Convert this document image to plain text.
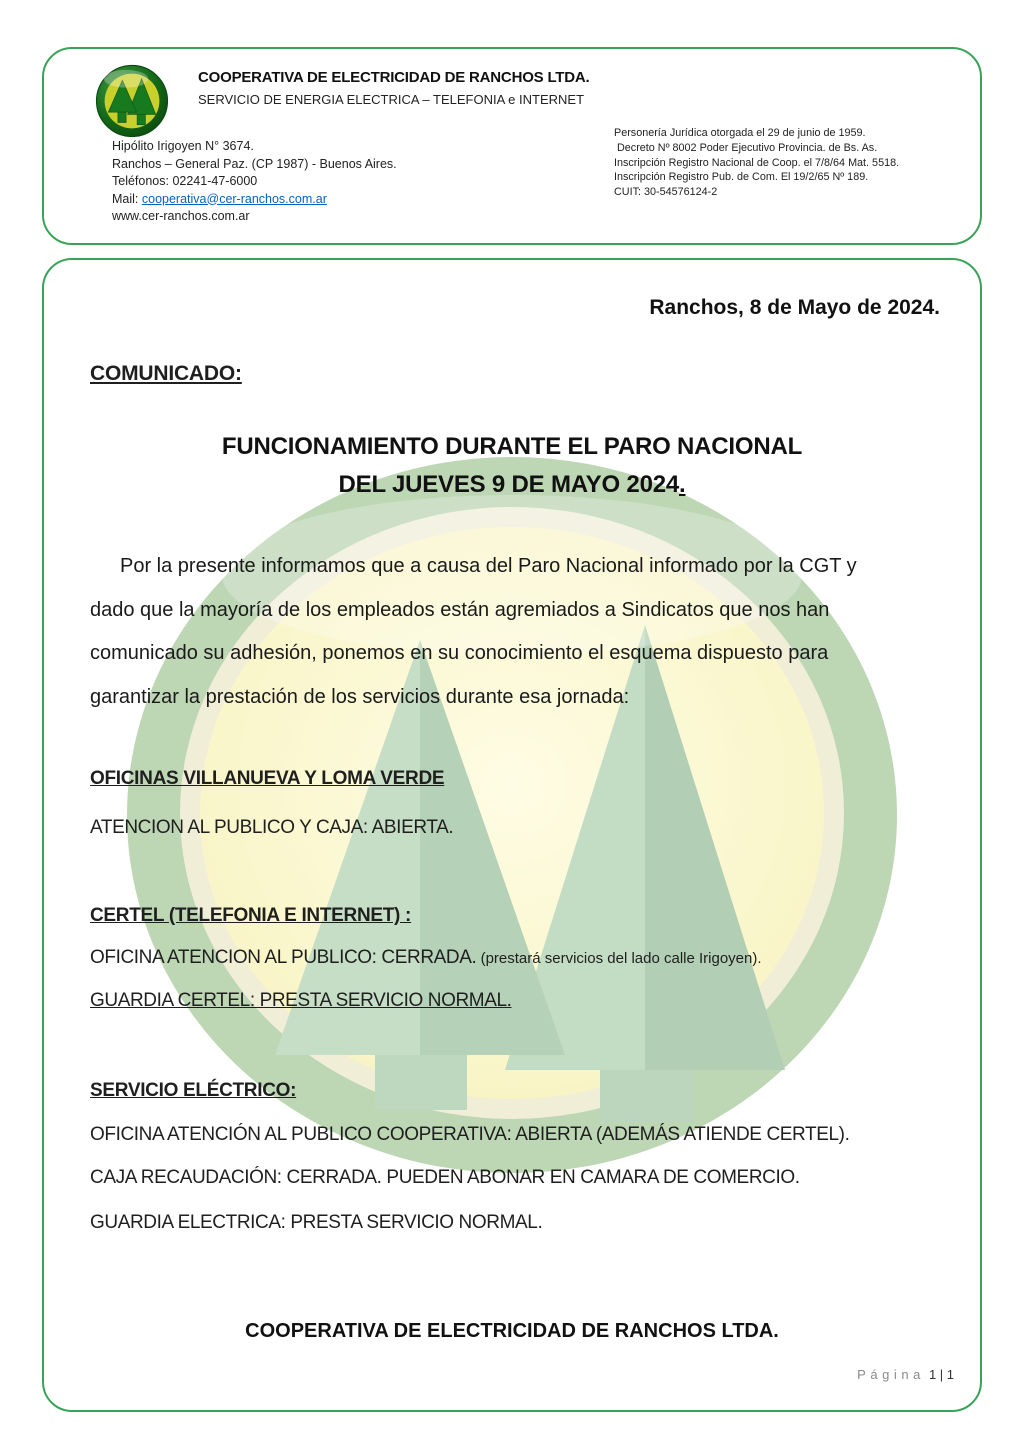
COOPERATIVA DE ELECTRICIDAD DE RANCHOS LTDA.
SERVICIO DE ENERGIA ELECTRICA – TELEFONIA e INTERNET
Hipólito Irigoyen N° 3674.
Ranchos – General Paz. (CP 1987) - Buenos Aires.
Teléfonos: 02241-47-6000
Mail: cooperativa@cer-ranchos.com.ar
www.cer-ranchos.com.ar
Personería Jurídica otorgada el 29 de junio de 1959.
Decreto Nº 8002 Poder Ejecutivo Provincia. de Bs. As.
Inscripción Registro Nacional de Coop. el 7/8/64 Mat. 5518.
Inscripción Registro Pub. de Com. El 19/2/65 Nº 189.
CUIT: 30-54576124-2
Ranchos, 8 de Mayo de 2024.
COMUNICADO:
FUNCIONAMIENTO DURANTE EL PARO NACIONAL
DEL JUEVES 9 DE MAYO 2024.
Por la presente informamos que a causa del Paro Nacional informado por la CGT y
dado que la mayoría de los empleados están agremiados a Sindicatos que nos han
comunicado su adhesión, ponemos en su conocimiento el esquema dispuesto para
garantizar la prestación de los servicios durante esa jornada:
OFICINAS VILLANUEVA Y LOMA VERDE
ATENCION AL PUBLICO Y CAJA: ABIERTA.
CERTEL (TELEFONIA E INTERNET) :
OFICINA ATENCION AL PUBLICO: CERRADA. (prestará servicios del lado calle Irigoyen).
GUARDIA CERTEL: PRESTA SERVICIO NORMAL.
SERVICIO ELÉCTRICO:
OFICINA ATENCIÓN AL PUBLICO COOPERATIVA: ABIERTA (ADEMÁS ATIENDE CERTEL).
CAJA RECAUDACIÓN: CERRADA. PUEDEN ABONAR EN CAMARA DE COMERCIO.
GUARDIA ELECTRICA: PRESTA SERVICIO NORMAL.
COOPERATIVA DE ELECTRICIDAD DE RANCHOS LTDA.
Página 1 | 1
